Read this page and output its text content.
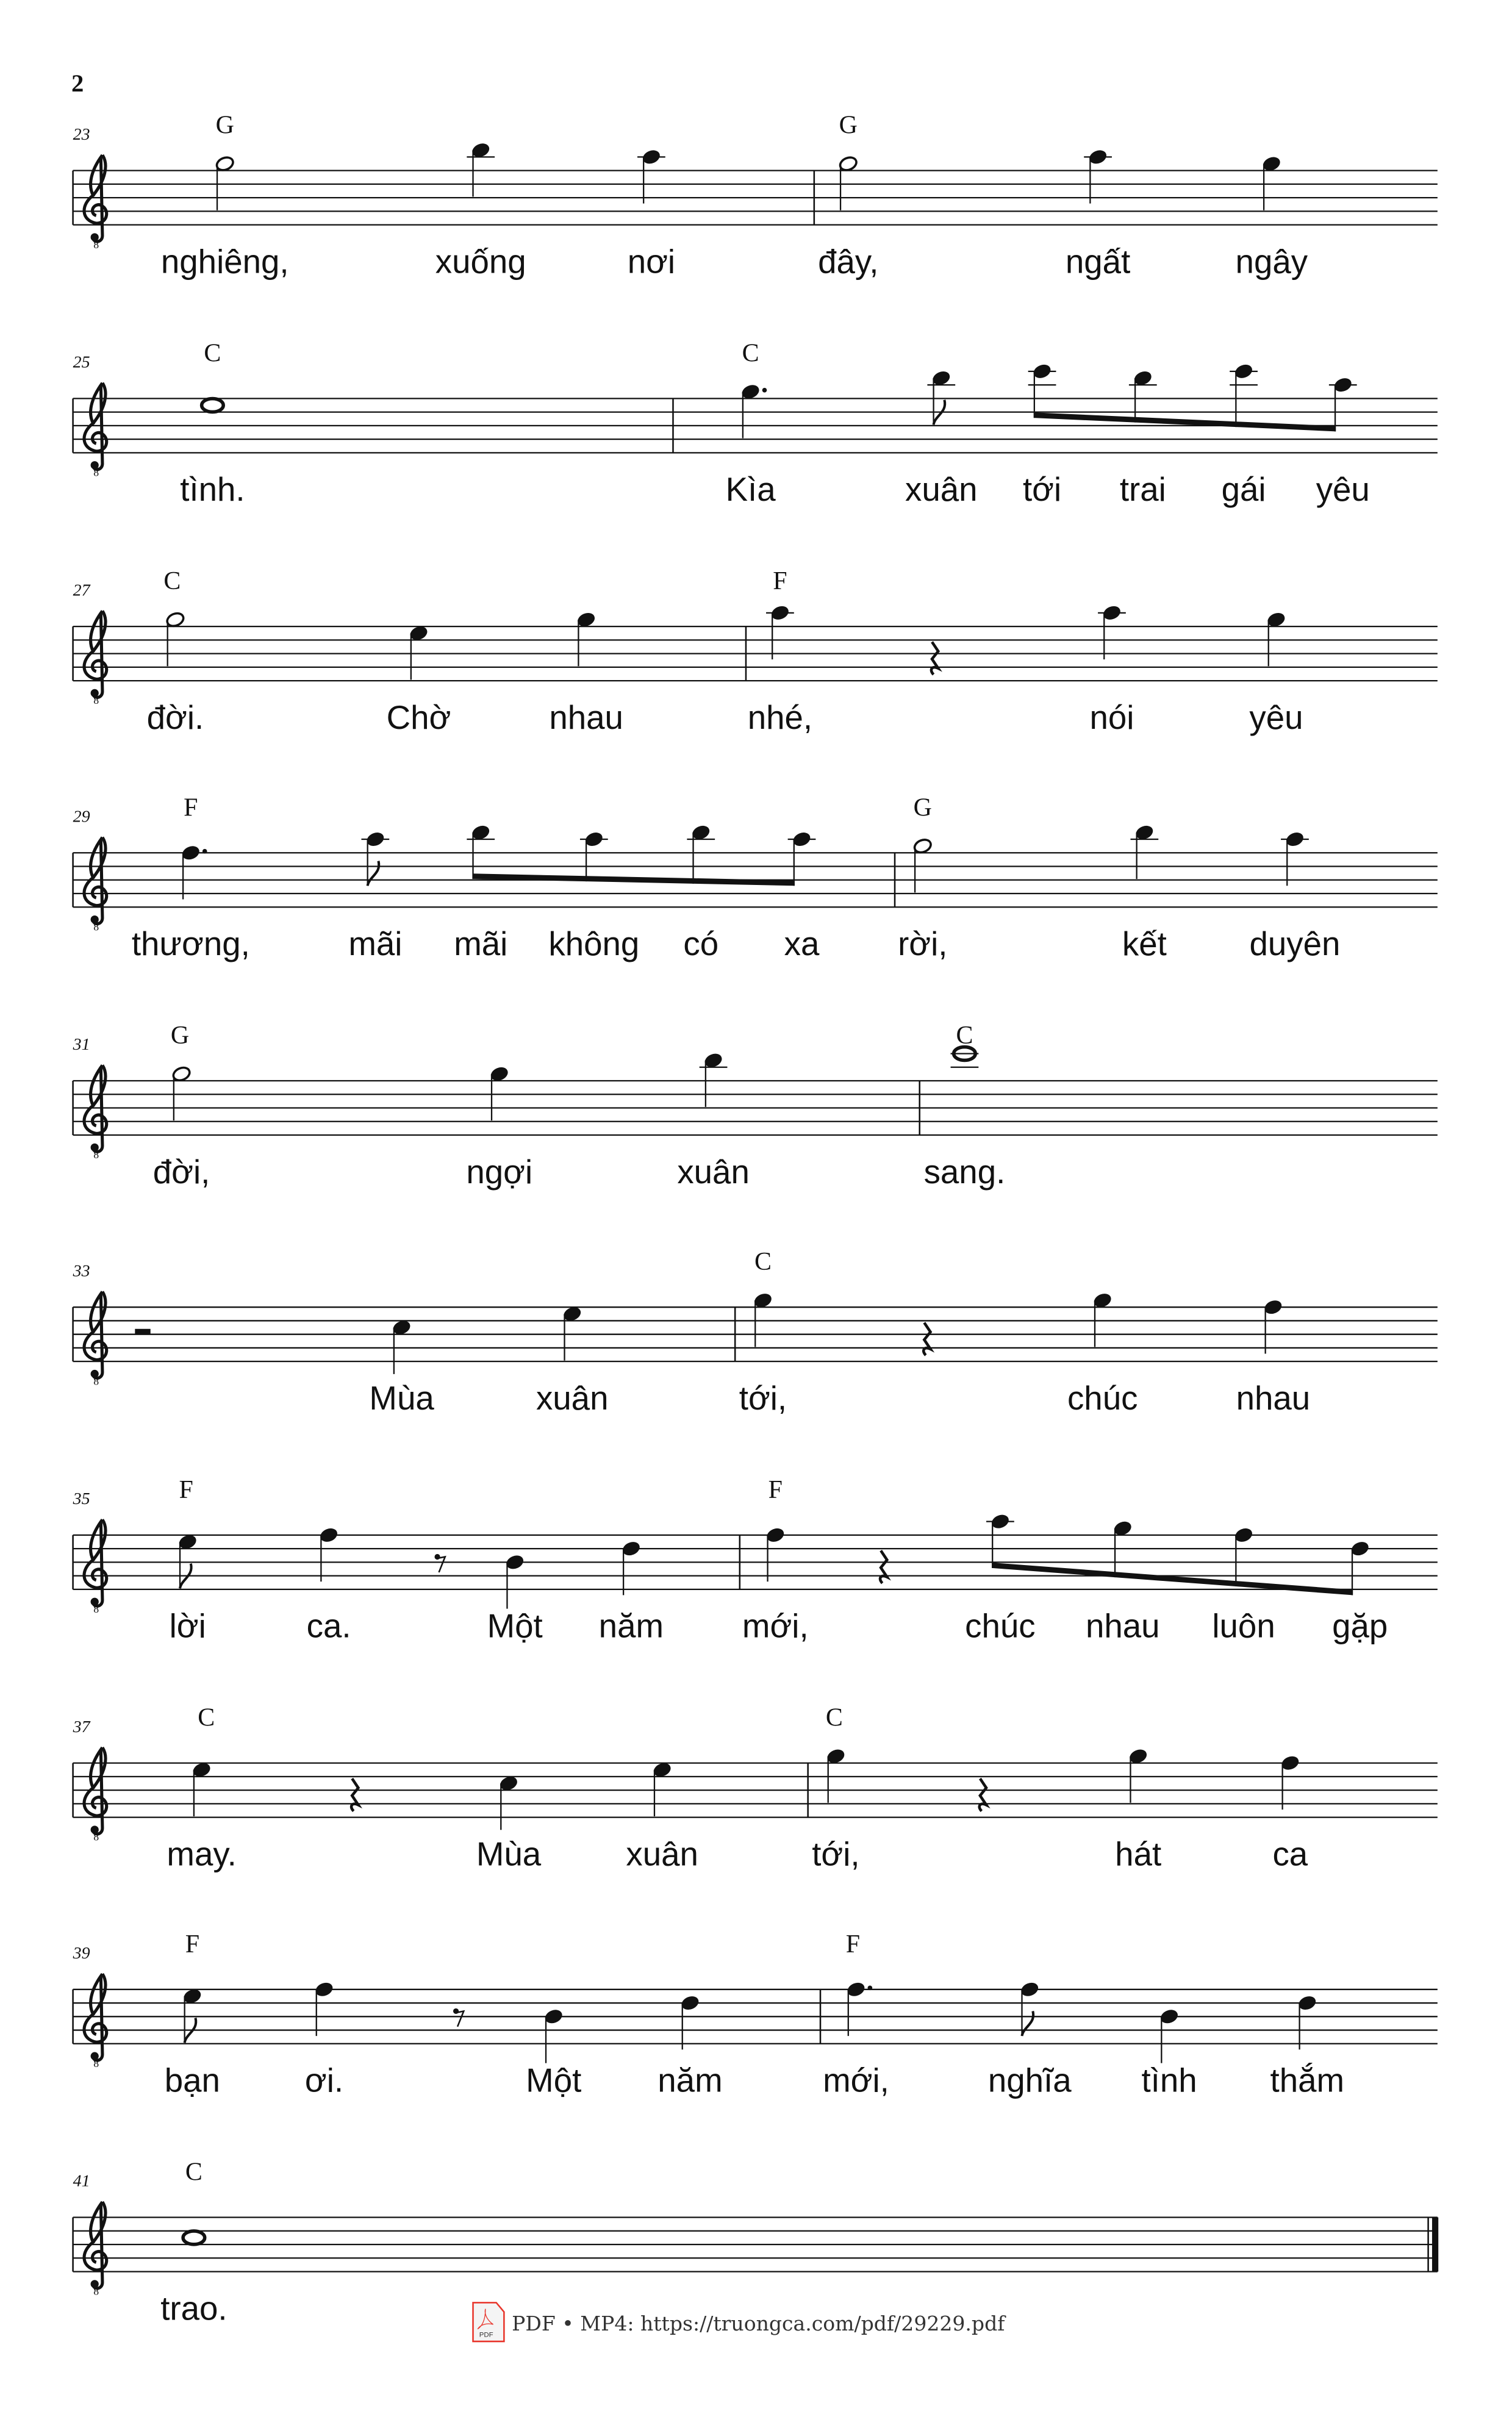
2
8
23	G
nghiêng,	xuống	nơi
G
đây,	ngất	ngây
8
25	C
tình.
C
Kìa	xuân	tới	trai	gái	yêu
8
27	C
đời.	Chờ	nhau
F
nhé,	nói	yêu
8
29	F
thương,	mãi	mãi	không	có	xa
G
rời,	kết	duyên
8
31	G
đời,	ngợi	xuân
C
sang.
8
33
Mùa	xuân
C
tới,	chúc	nhau
8
35	F
lời	ca.	Một	năm
F
mới,	chúc	nhau	luôn	gặp
8
37	C
may.	Mùa	xuân
C
tới,	hát	ca
8
39	F
bạn	ơi.	Một	năm
F
mới,	nghĩa	tình	thắm
8
41	C
trao.
PDF PDF • MP4: https://truongca.com/pdf/29229.pdf
